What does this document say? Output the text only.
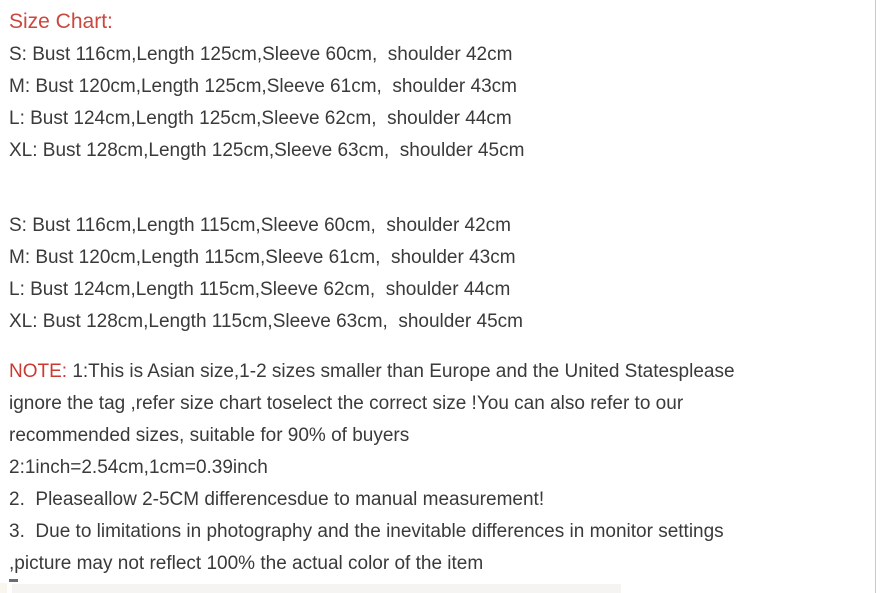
Size Chart:
S: Bust 116cm,Length 125cm,Sleeve 60cm,  shoulder 42cm
M: Bust 120cm,Length 125cm,Sleeve 61cm,  shoulder 43cm
L: Bust 124cm,Length 125cm,Sleeve 62cm,  shoulder 44cm
XL: Bust 128cm,Length 125cm,Sleeve 63cm,  shoulder 45cm
S: Bust 116cm,Length 115cm,Sleeve 60cm,  shoulder 42cm
M: Bust 120cm,Length 115cm,Sleeve 61cm,  shoulder 43cm
L: Bust 124cm,Length 115cm,Sleeve 62cm,  shoulder 44cm
XL: Bust 128cm,Length 115cm,Sleeve 63cm,  shoulder 45cm
NOTE: 1:This is Asian size,1-2 sizes smaller than Europe and the United Statesplease
ignore the tag ,refer size chart toselect the correct size !You can also refer to our
recommended sizes, suitable for 90% of buyers
2:1inch=2.54cm,1cm=0.39inch
2.  Pleaseallow 2-5CM differencesdue to manual measurement!
3.  Due to limitations in photography and the inevitable differences in monitor settings
,picture may not reflect 100% the actual color of the item
